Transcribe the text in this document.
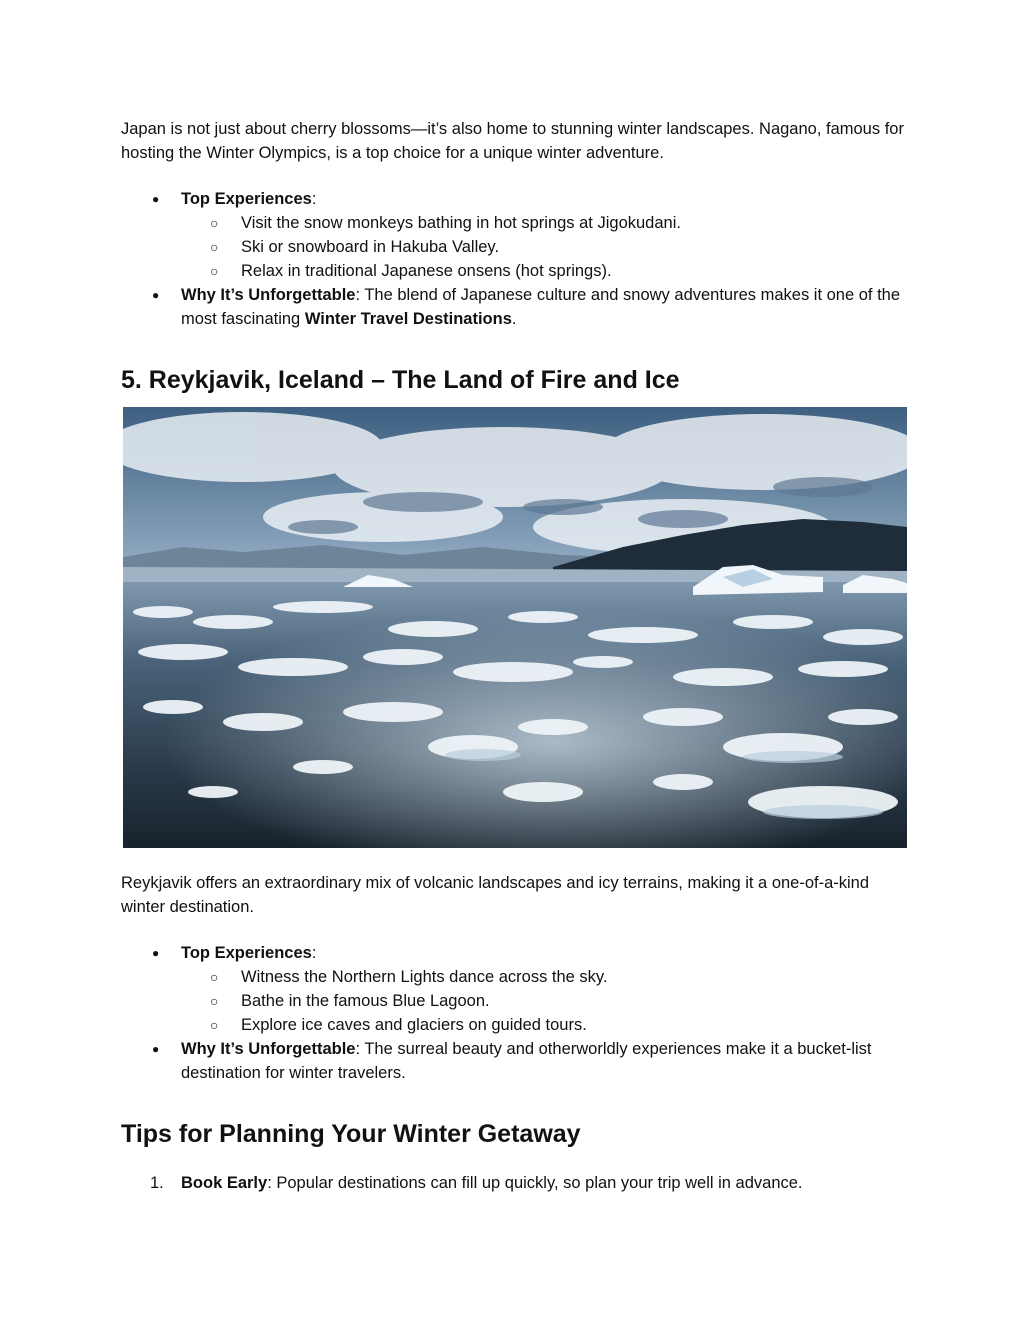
Japan is not just about cherry blossoms—it’s also home to stunning winter landscapes. Nagano, famous for hosting the Winter Olympics, is a top choice for a unique winter adventure.

● Top Experiences:
○ Visit the snow monkeys bathing in hot springs at Jigokudani.
○ Ski or snowboard in Hakuba Valley.
○ Relax in traditional Japanese onsens (hot springs).
● Why It’s Unforgettable: The blend of Japanese culture and snowy adventures makes it one of the most fascinating Winter Travel Destinations.
5. Reykjavik, Iceland – The Land of Fire and Ice

Reykjavik offers an extraordinary mix of volcanic landscapes and icy terrains, making it a one-of-a-kind winter destination.

● Top Experiences:
○ Witness the Northern Lights dance across the sky.
○ Bathe in the famous Blue Lagoon.
○ Explore ice caves and glaciers on guided tours.
● Why It’s Unforgettable: The surreal beauty and otherworldly experiences make it a bucket-list destination for winter travelers.
Tips for Planning Your Winter Getaway
1. Book Early: Popular destinations can fill up quickly, so plan your trip well in advance.
